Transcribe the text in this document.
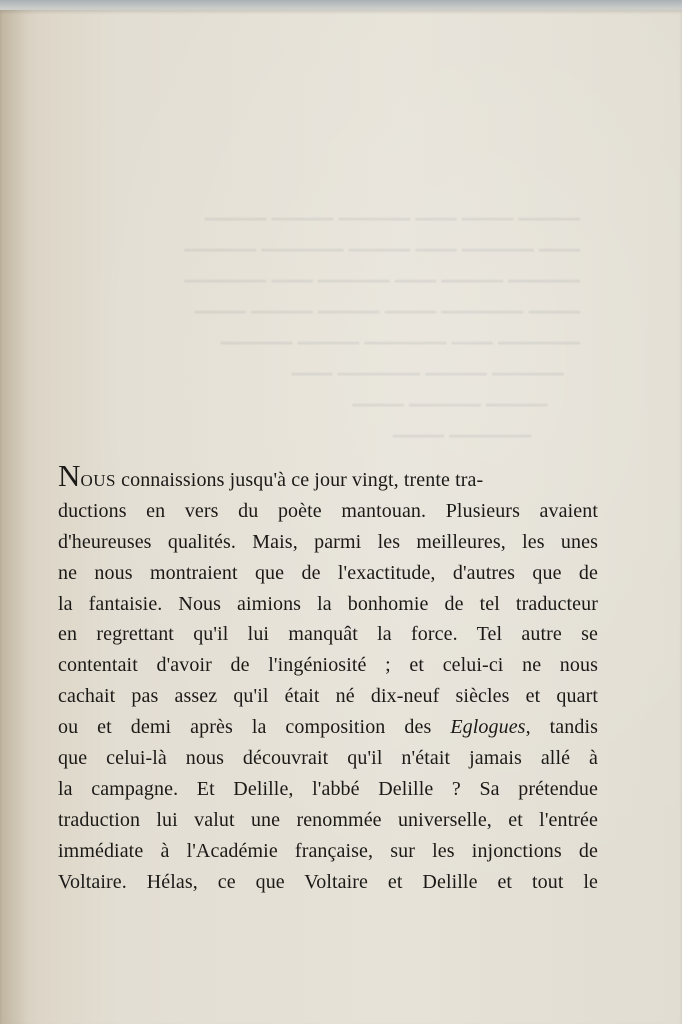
━━━━━━ ━━━━━ ━━━━ ━━━━━━━ ━━━━━━ ━━━━━━
━━━━ ━━━━━━━ ━━━━ ━━━━━━ ━━━━━━━━ ━━━━━━━
━━━━━━━ ━━━━━━ ━━━━ ━━━━━━━ ━━━━ ━━━━━━━━
━━━━━ ━━━━━━━━ ━━━━━ ━━━━━━ ━━━━━━ ━━━━━
━━━━━━━━ ━━━━ ━━━━━━━━ ━━━━━━ ━━━━━━━
━━━━━━━ ━━━━━━ ━━━━━━━━ ━━━━
━━━━━━ ━━━━━━━ ━━━━━
━━━━━━━━ ━━━━━
NOUS connaissions jusqu'à ce jour vingt, trente tra-
ductions en vers du poète mantouan. Plusieurs avaient
d'heureuses qualités. Mais, parmi les meilleures, les unes
ne nous montraient que de l'exactitude, d'autres que de
la fantaisie. Nous aimions la bonhomie de tel traducteur
en regrettant qu'il lui manquât la force. Tel autre se
contentait d'avoir de l'ingéniosité ; et celui-ci ne nous
cachait pas assez qu'il était né dix-neuf siècles et quart
ou et demi après la composition des Eglogues, tandis
que celui-là nous découvrait qu'il n'était jamais allé à
la campagne. Et Delille, l'abbé Delille ? Sa prétendue
traduction lui valut une renommée universelle, et l'entrée
immédiate à l'Académie française, sur les injonctions de
Voltaire. Hélas, ce que Voltaire et Delille et tout le
